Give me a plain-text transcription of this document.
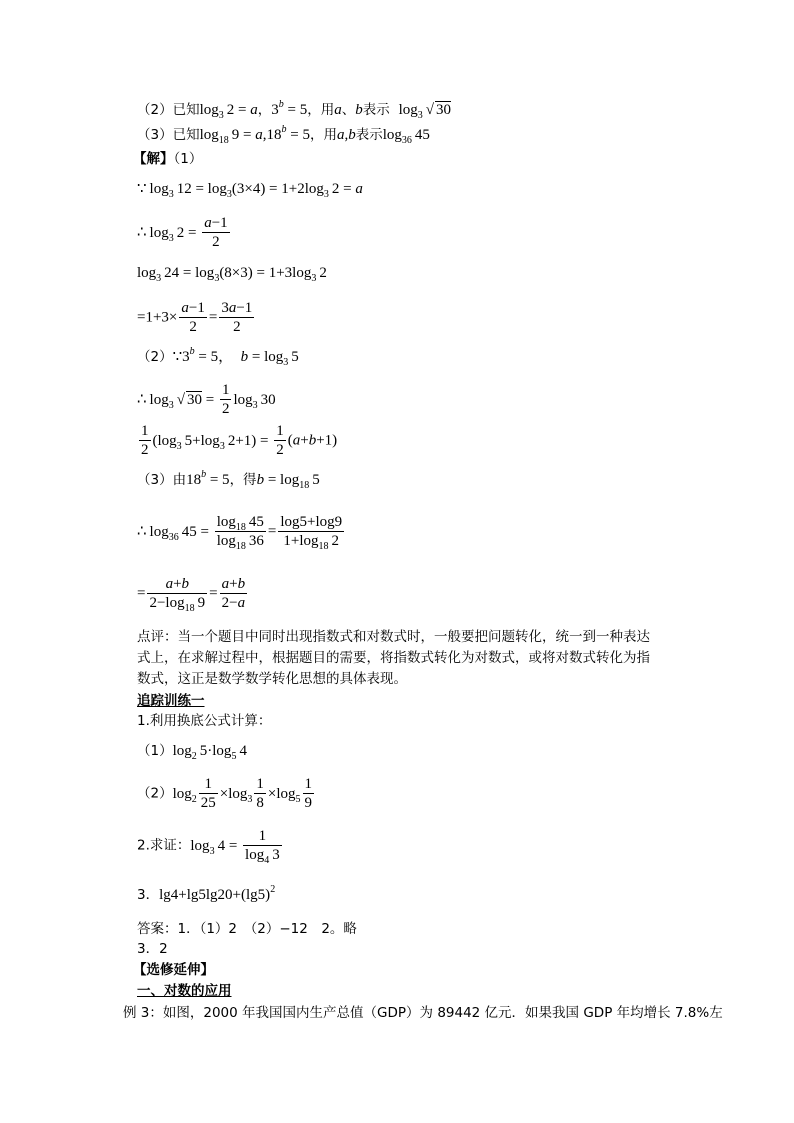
（2）已知$\log_3 2 = a$，$3^b = 5$，用a、b表示 $\log_3$ √ 30
（3）已知$\log_{18} 9 = a,18^b = 5$，用a,b表示$\log_{36} 45$
【解】（1）
∵ $\log_3 12 = \log_3(3\times 4) = 1+2\log_3$ 2 = a
∴ $\log_3 2 = \frac{a-1}{2}$
$\log_3 24 = \log_3(8\times 3) = 1+3\log_3$ 2
$=1+3\times \frac{a-1}{2} = \frac{3a-1}{2}$
$(2)\because 3^b = 5$，  $b = \log_3 5$
∴ $\log_3$ √ $30 = \frac{1}{2} \log_3 30$
$\frac{1}{2} (\log_3$ $5+\log_3$ $2+1) = \frac{1}{2} (a+b+1)$
（3）由$18^b = 5$，得$b = \log_{18} 5$
∴ $\log_{36} 45 = \frac{\log_{18} 45}{\log_{18} 36} = \frac{\log 5+\log 9}{1+\log_{18} 2}$
= $\frac{a+b}{2-\log_{18} 9} = \frac{a+b}{2-a}$
点评：当一个题目中同时出现指数式和对数式时，一般要把问题转化，统一到一种表达式上，在求解过程中，根据题目的需要，将指数式转化为对数式，或将对数式转化为指数式，这正是数学数学转化思想的具体表现。
追踪训练一
1.利用换底公式计算：
$(1)\log_2$ $5\cdot\log_5$ 4
$(2)\log_2 \frac{1}{25} \times\log_3 \frac{1}{8} \times\log_5 \frac{1}{9}$
2.求证：$\log_3 4 = \frac{1}{\log_4 3}$
3．$\lg 4+\lg 5\lg 20+(\lg 5)^2$
答案：1．（1）2　（2）−12　2。略
3．2
【选修延伸】
一、对数的应用
例 3：如图，2000 年我国国内生产总值（GDP）为 89442 亿元．如果我国 GDP 年均增长 7.8%左
